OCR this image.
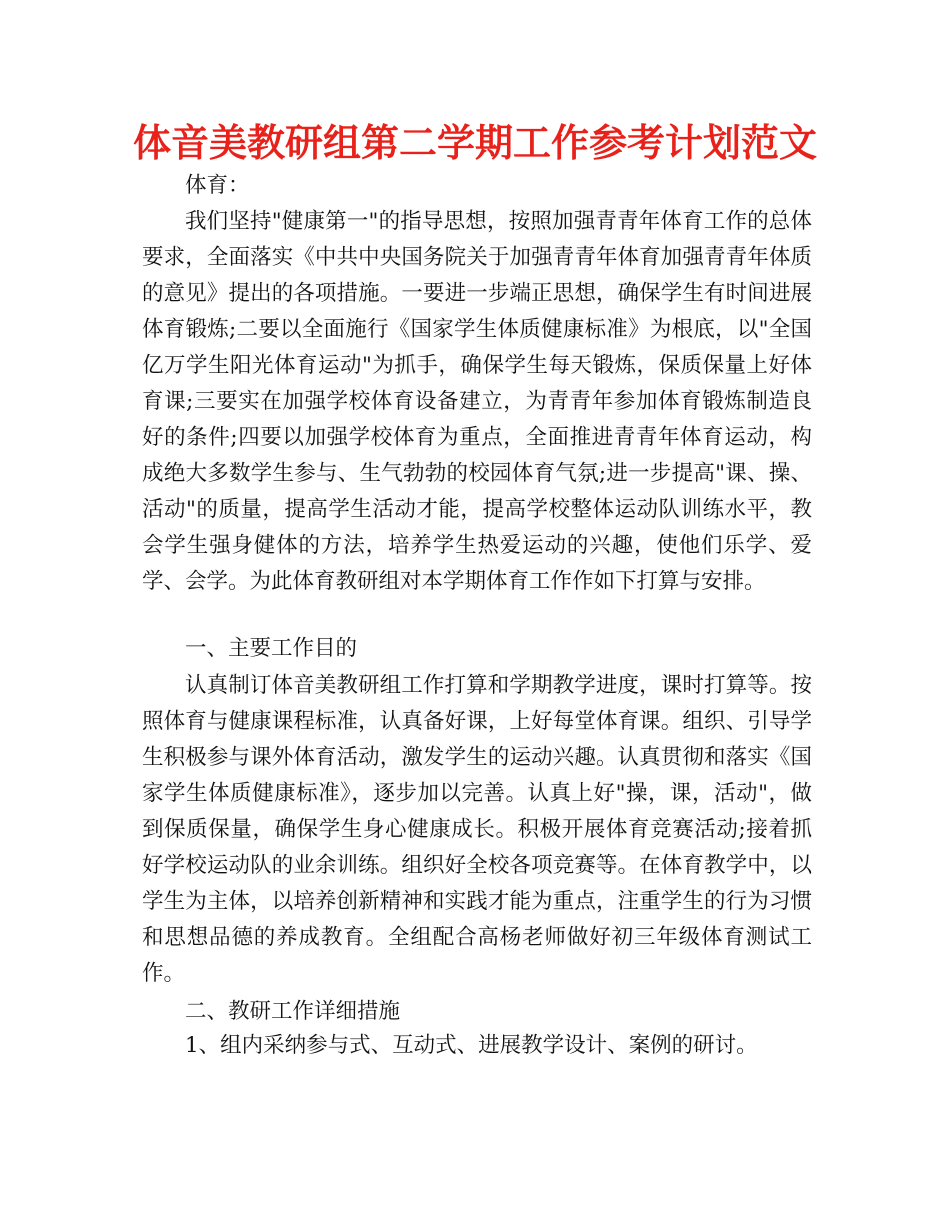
体音美教研组第二学期工作参考计划范文

体育：

我们坚持"健康第一"的指导思想，按照加强青青年体育工作的总体要求，全面落实《中共中央国务院关于加强青青年体育加强青青年体质的意见》提出的各项措施。一要进一步端正思想，确保学生有时间进展体育锻炼;二要以全面施行《国家学生体质健康标准》为根底，以"全国亿万学生阳光体育运动"为抓手，确保学生每天锻炼，保质保量上好体育课;三要实在加强学校体育设备建立，为青青年参加体育锻炼制造良好的条件;四要以加强学校体育为重点，全面推进青青年体育运动，构成绝大多数学生参与、生气勃勃的校园体育气氛;进一步提高"课、操、活动"的质量，提高学生活动才能，提高学校整体运动队训练水平，教会学生强身健体的方法，培养学生热爱运动的兴趣，使他们乐学、爱学、会学。为此体育教研组对本学期体育工作作如下打算与安排。

一、主要工作目的

认真制订体音美教研组工作打算和学期教学进度，课时打算等。按照体育与健康课程标准，认真备好课，上好每堂体育课。组织、引导学生积极参与课外体育活动，激发学生的运动兴趣。认真贯彻和落实《国家学生体质健康标准》，逐步加以完善。认真上好"操，课，活动"，做到保质保量，确保学生身心健康成长。积极开展体育竞赛活动;接着抓好学校运动队的业余训练。组织好全校各项竞赛等。在体育教学中，以学生为主体，以培养创新精神和实践才能为重点，注重学生的行为习惯和思想品德的养成教育。全组配合高杨老师做好初三年级体育测试工作。

二、教研工作详细措施

1、组内采纳参与式、互动式、进展教学设计、案例的研讨。
